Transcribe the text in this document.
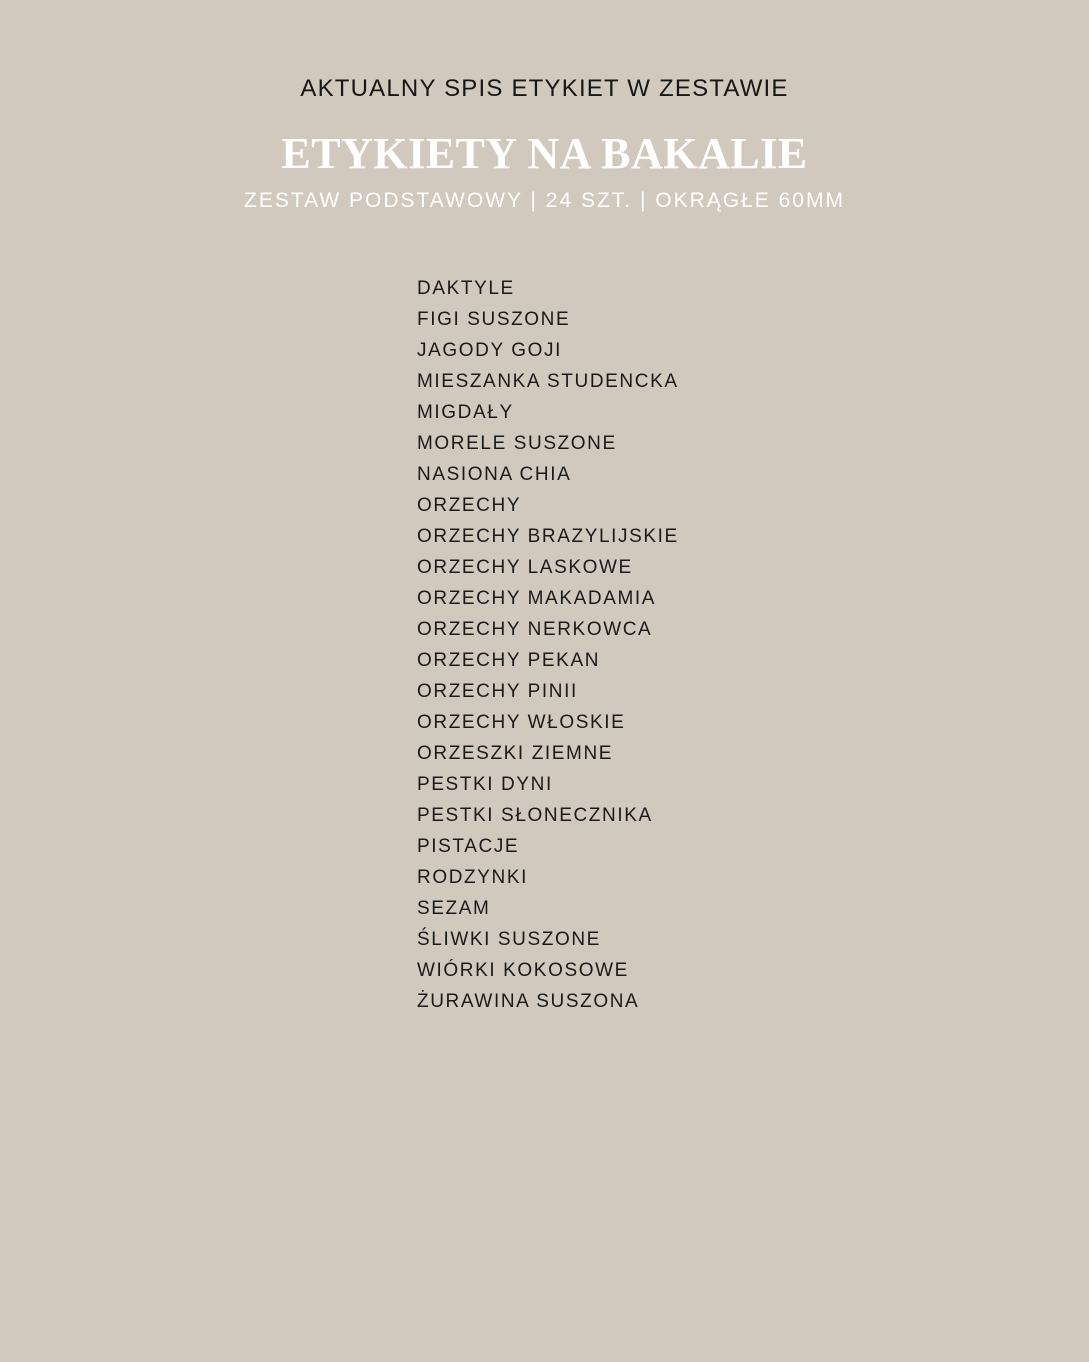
AKTUALNY SPIS ETYKIET W ZESTAWIE

ETYKIETY NA BAKALIE

ZESTAW PODSTAWOWY | 24 SZT. | OKRĄGŁE 60MM

DAKTYLE
FIGI SUSZONE
JAGODY GOJI
MIESZANKA STUDENCKA
MIGDAŁY
MORELE SUSZONE
NASIONA CHIA
ORZECHY
ORZECHY BRAZYLIJSKIE
ORZECHY LASKOWE
ORZECHY MAKADAMIA
ORZECHY NERKOWCA
ORZECHY PEKAN
ORZECHY PINII
ORZECHY WŁOSKIE
ORZESZKI ZIEMNE
PESTKI DYNI
PESTKI SŁONECZNIKA
PISTACJE
RODZYNKI
SEZAM
ŚLIWKI SUSZONE
WIÓRKI KOKOSOWE
ŻURAWINA SUSZONA
